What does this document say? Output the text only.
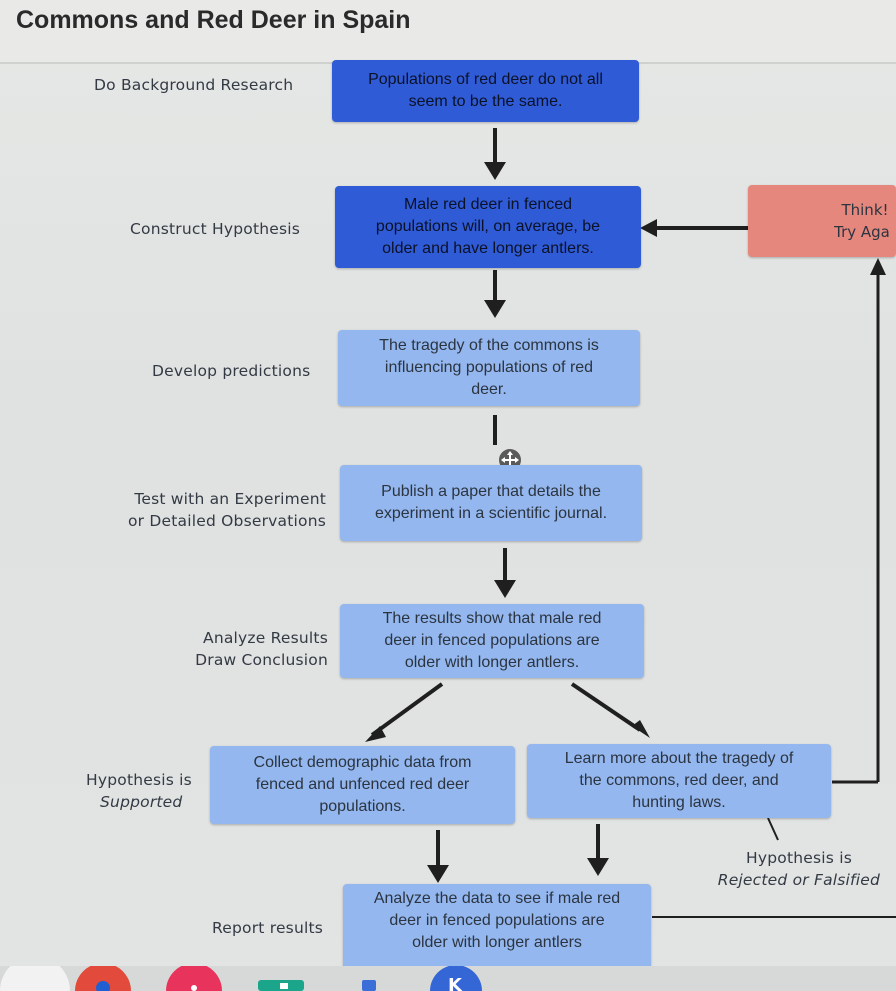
Commons and Red Deer in Spain
Do Background Research
Construct Hypothesis
Develop predictions
Test with an Experiment
or Detailed Observations
Analyze Results
Draw Conclusion
Hypothesis is
Supported
Hypothesis is
Rejected or Falsified
Report results
Populations of red deer do not all
seem to be the same.
Male red deer in fenced
populations will, on average, be
older and have longer antlers.
Think!
Try Aga
The tragedy of the commons is
influencing populations of red
deer.
Publish a paper that details the
experiment in a scientific journal.
The results show that male red
deer in fenced populations are
older with longer antlers.
Collect demographic data from
fenced and unfenced red deer
populations.
Learn more about the tragedy of
the commons, red deer, and
hunting laws.
Analyze the data to see if male red
deer in fenced populations are
older with longer antlers
K
